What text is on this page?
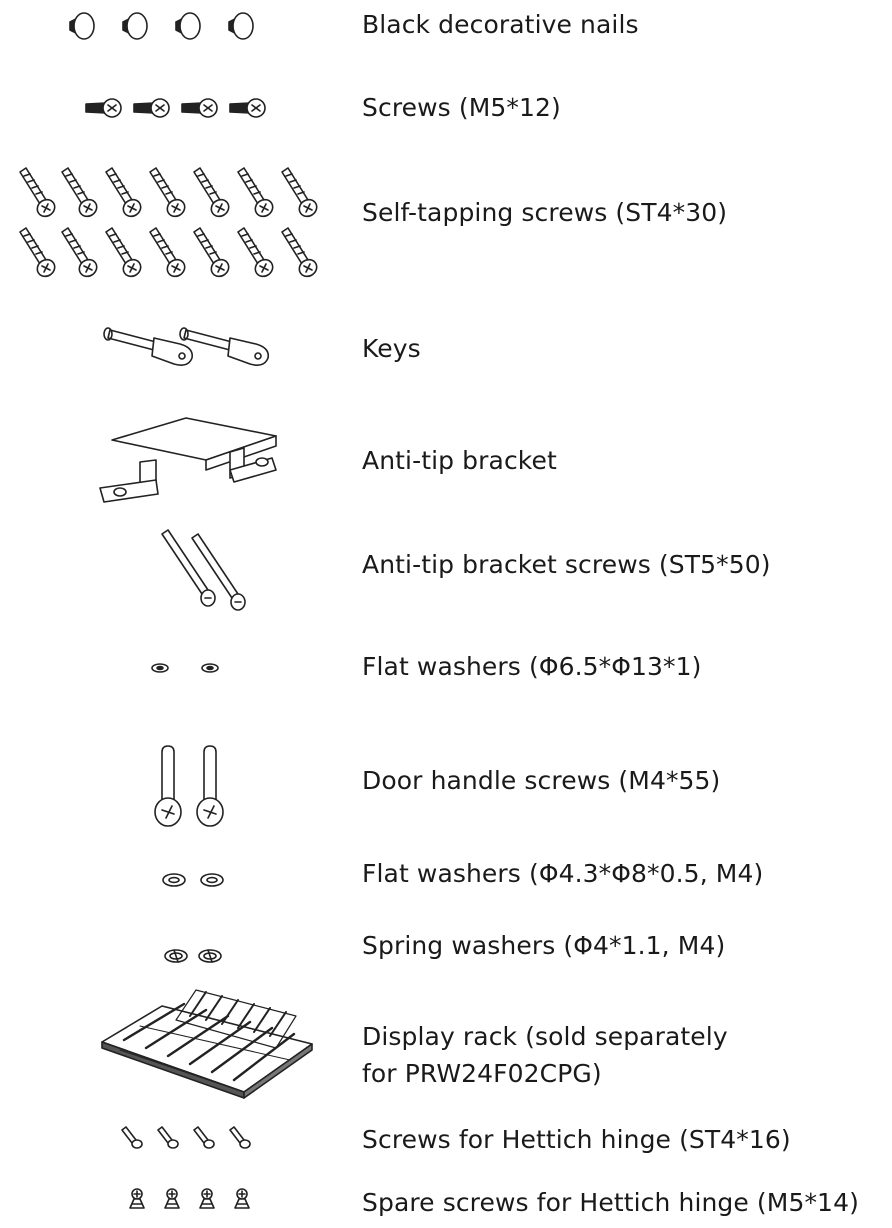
Black decorative nails
Screws (M5*12)
Self-tapping screws (ST4*30)
Keys
Anti-tip bracket
Anti-tip bracket screws (ST5*50)
Flat washers (Φ6.5*Φ13*1)
Door handle screws (M4*55)
Flat washers (Φ4.3*Φ8*0.5, M4)
Spring washers (Φ4*1.1, M4)
Display rack (sold separately
for PRW24F02CPG)
Screws for Hettich hinge (ST4*16)
Spare screws for Hettich hinge (M5*14)
